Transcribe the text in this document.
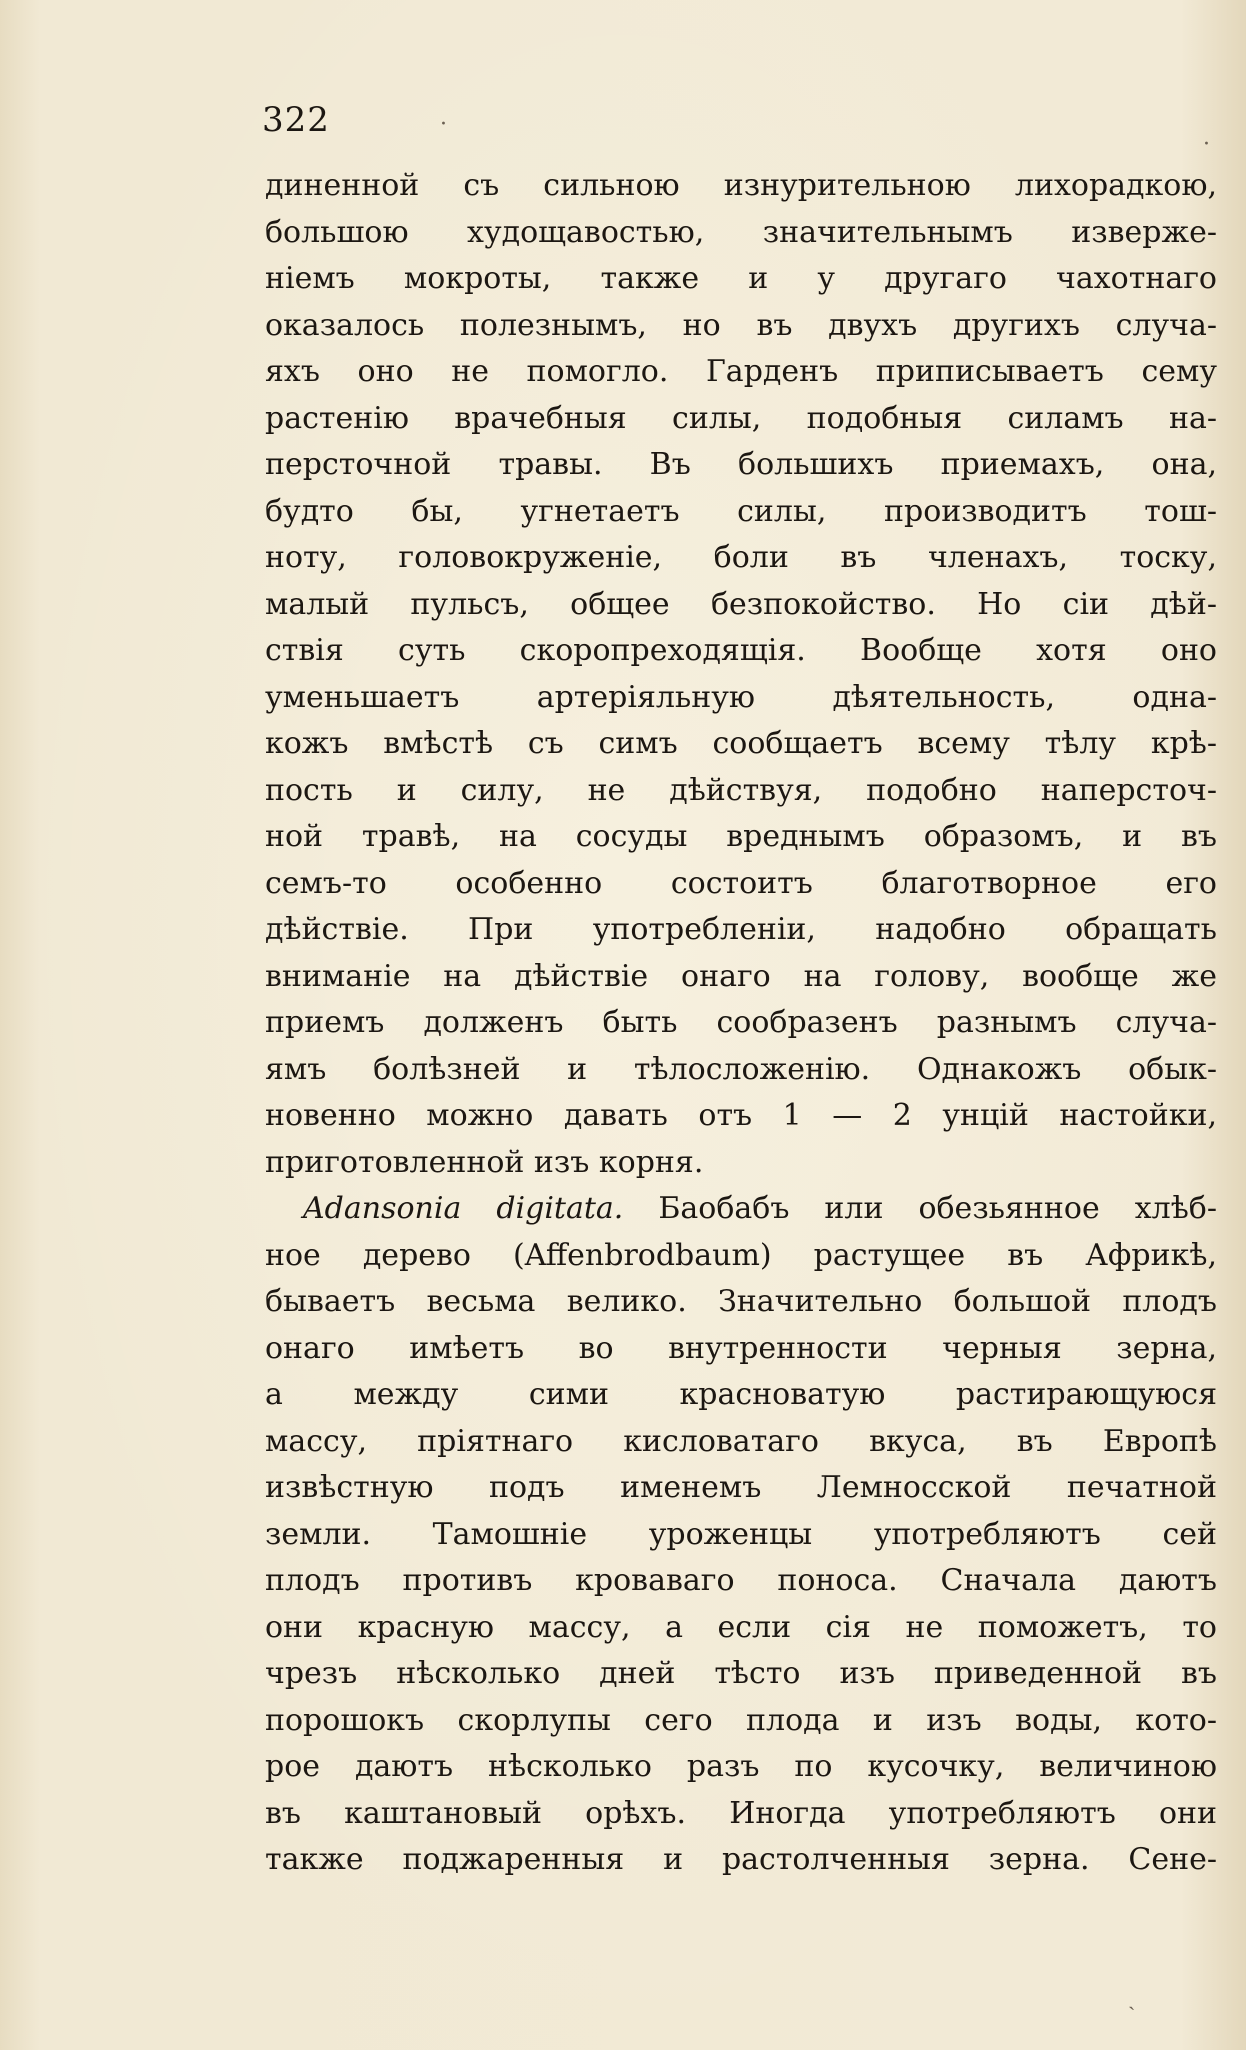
322
диненной съ сильною изнурительною лихорадкою,
большою худощавостью, значительнымъ изверже-
ніемъ мокроты, также и у другаго чахотнаго
оказалось полезнымъ, но въ двухъ другихъ случа-
яхъ оно не помогло. Гарденъ приписываетъ сему
растенію врачебныя силы, подобныя силамъ на-
персточной травы. Въ большихъ приемахъ, она,
будто бы, угнетаетъ силы, производитъ тош-
ноту, головокруженіе, боли въ членахъ, тоску,
малый пульсъ, общее безпокойство. Но сіи дѣй-
ствія суть скоропреходящія. Вообще хотя оно
уменьшаетъ артеріяльную дѣятельность, одна-
кожъ вмѣстѣ съ симъ сообщаетъ всему тѣлу крѣ-
пость и силу, не дѣйствуя, подобно наперсточ-
ной травѣ, на сосуды вреднымъ образомъ, и въ
семъ-то особенно состоитъ благотворное его
дѣйствіе. При употребленіи, надобно обращать
вниманіе на дѣйствіе онаго на голову, вообще же
приемъ долженъ быть сообразенъ разнымъ случа-
ямъ болѣзней и тѣлосложенію. Однакожъ обык-
новенно можно давать отъ 1 — 2 унцій настойки,
приготовленной изъ корня.
Adansonia digitata. Баобабъ или обезьянное хлѣб-
ное дерево (Affenbrodbaum) растущее въ Африкѣ,
бываетъ весьма велико. Значительно большой плодъ
онаго имѣетъ во внутренности черныя зерна,
а между сими красноватую растирающуюся
массу, пріятнаго кисловатаго вкуса, въ Европѣ
извѣстную подъ именемъ Лемносской печатной
земли. Тамошніе уроженцы употребляютъ сей
плодъ противъ кроваваго поноса. Сначала даютъ
они красную массу, а если сія не поможетъ, то
чрезъ нѣсколько дней тѣсто изъ приведенной въ
порошокъ скорлупы сего плода и изъ воды, кото-
рое даютъ нѣсколько разъ по кусочку, величиною
въ каштановый орѣхъ. Иногда употребляютъ они
также поджаренныя и растолченныя зерна. Сене-
·
·
ˎ
